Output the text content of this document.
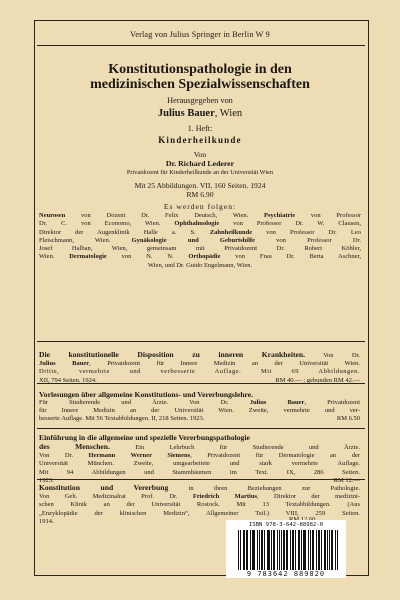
Verlag von Julius Springer in Berlin W 9
Konstitutionspathologie in den
medizinischen Spezialwissenschaften
Herausgegeben von
Julius Bauer, Wien
1. Heft:
Kinderheilkunde
Von
Dr. Richard Lederer
Privatdozent für Kinderheilkunde an der Universität Wien
Mit 25 Abbildungen. VII, 160 Seiten. 1924
RM 6.90
Es werden folgen:
Neurosen von Dozent Dr. Felix Deutsch, Wien. Psychiatrie von Professor
Dr. C. von Economo, Wien. Ophthalmologie von Professor Dr. W. Clausen,
Direktor der Augenklinik Halle a. S. Zahnheilkunde von Professor Dr. Leo
Fleischmann, Wien. Gynäkologie und Geburtshilfe von Professor Dr.
Josef Halban, Wien, gemeinsam mit Privatdozent Dr. Robert Köhler,
Wien. Dermatologie von N. N. Orthopädie von Frau Dr. Berta Aschner,
Wien, und Dr. Guido Engelmann, Wien.
Die konstitutionelle Disposition zu inneren Krankheiten. Von Dr.
Julius Bauer, Privatdozent für Innere Medizin an der Universität Wien.
Dritte, vermehrte und verbesserte Auflage. Mit 69 Abbildungen.
XII, 794 Seiten. 1924.	RM 40.— ; gebunden RM 42.—
Vorlesungen über allgemeine Konstitutions- und Vererbungslehre.
Für Studierende und Ärzte. Von Dr. Julius Bauer, Privatdozent
für Innere Medizin an der Universität Wien. Zweite, vermehrte und ver-
besserte Auflage. Mit 56 Textabbildungen. II, 218 Seiten. 1923.	RM 6.50
Einführung in die allgemeine und spezielle Vererbungspathologie
des Menschen. Ein Lehrbuch für Studierende und Ärzte.
Von Dr. Hermann Werner Siemens, Privatdozent für Dermatologie an der
Universität München. Zweite, umgearbeitete und stark vermehrte Auflage.
Mit 94 Abbildungen und Stammbäumen im Text. IX, 286 Seiten.
1923.	RM 12.—
Konstitution und Vererbung in ihren Beziehungen zur Pathologie.
Von Geh. Medizinalrat Prof. Dr. Friedrich Martius, Direktor der medizini-
schen Klinik an der Universität Rostock. Mit 13 Textabbildungen. (Aus
„Enzyklopädie der klinischen Medizin“, Allgemeiner Teil.) VIII, 259 Seiten.
1914.
ISBN 978-3-642-88982-0
9 783642 889820
